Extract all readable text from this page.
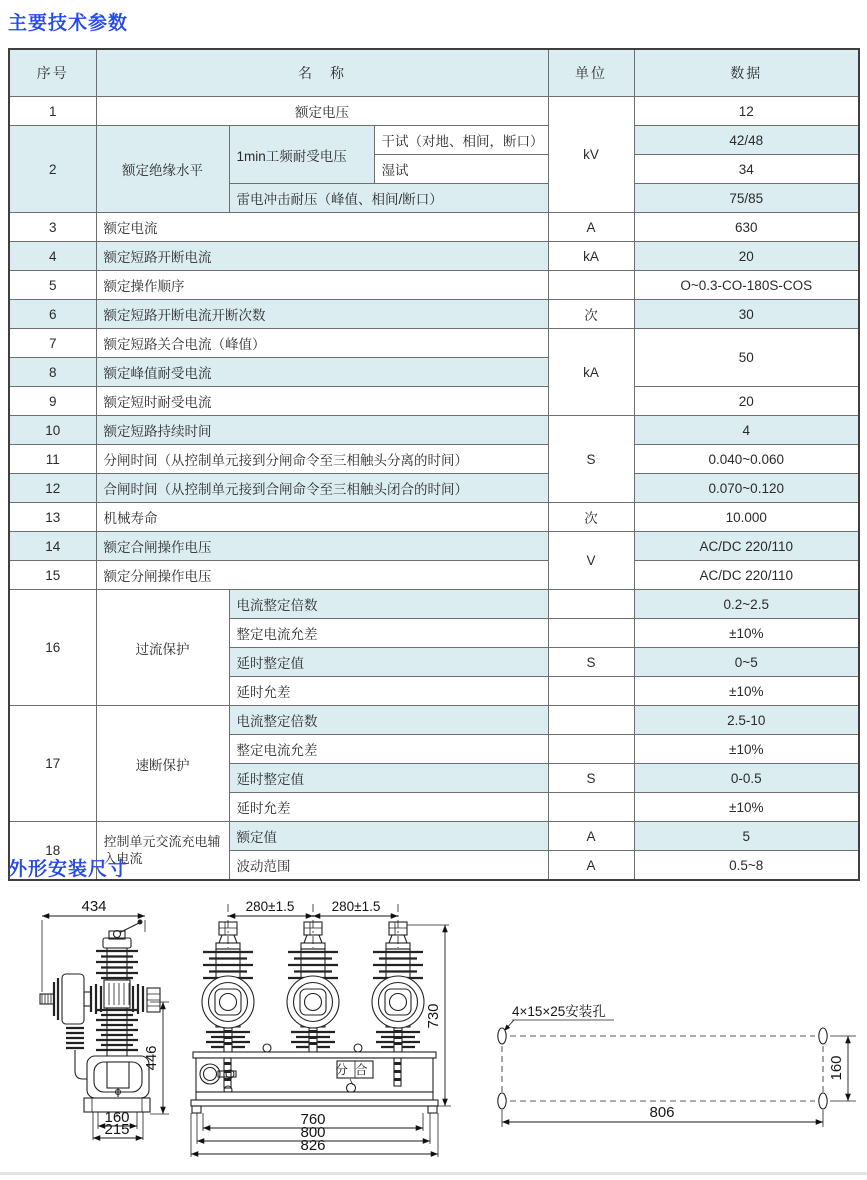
主要技术参数
序号	名　称			单位	数据
1	额定电压			kV	12
2	额定绝缘水平	1min工频耐受电压	干试（对地、相间，断口）		42/48
			湿试		34
		雷电冲击耐压（峰值、相间/断口）			75/85
3	额定电流			A	630
4	额定短路开断电流			kA	20
5	额定操作顺序				O~0.3-CO-180S-COS
6	额定短路开断电流开断次数			次	30
7	额定短路关合电流（峰值）			kA	50
8	额定峰值耐受电流				
9	额定短时耐受电流				20
10	额定短路持续时间			S	4
11	分闸时间（从控制单元接到分闸命令至三相触头分离的时间）				0.040~0.060
12	合闸时间（从控制单元接到合闸命令至三相触头闭合的时间）				0.070~0.120
13	机械寿命			次	10.000
14	额定合闸操作电压			V	AC/DC 220/110
15	额定分闸操作电压				AC/DC 220/110
16	过流保护	电流整定倍数			0.2~2.5
		整定电流允差			±10%
		延时整定值		S	0~5
		延时允差			±10%
17	速断保护	电流整定倍数			2.5-10
		整定电流允差			±10%
		延时整定值		S	0-0.5
		延时允差			±10%
18	控制单元交流充电辅入电流	额定值		A	5
		波动范围		A	0.5~8
外形安装尺寸
434
446
160
215
280±1.5	280±1.5
分合
730
760
800
826
4×15×25安装孔
160
806
